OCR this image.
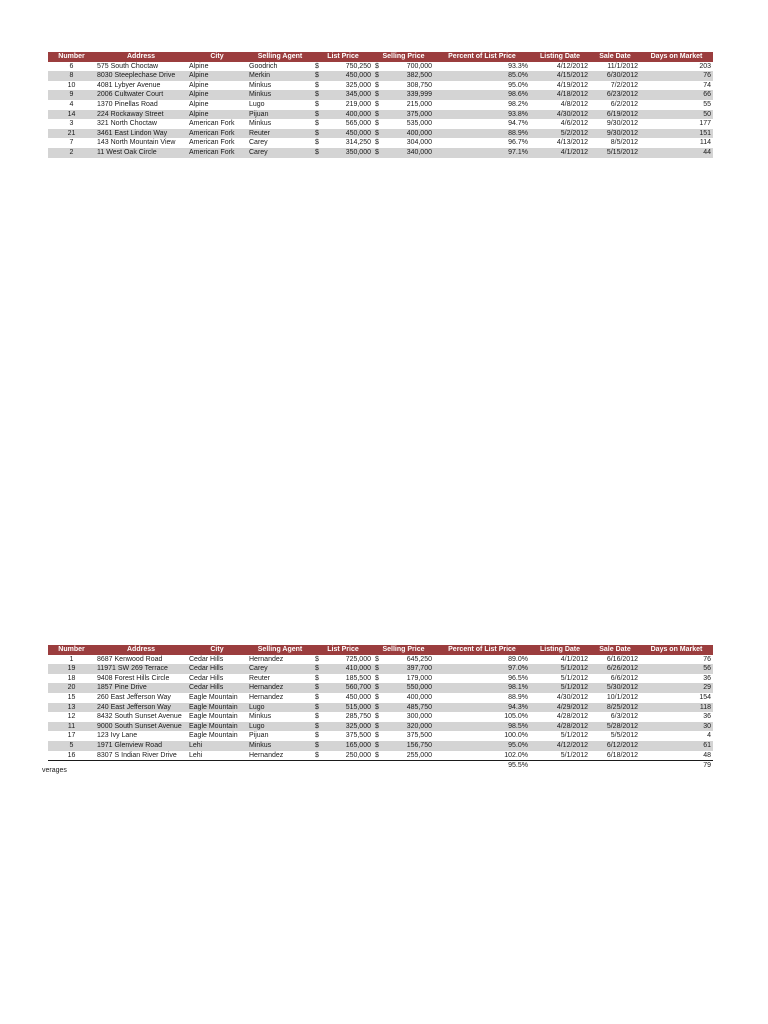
Number	Address	City	Selling Agent	List Price	Selling Price	Percent of List Price	Listing Date	Sale Date	Days on Market
6	575 South Choctaw	Alpine	Goodrich	$ 750,250	$ 700,000	93.3%	4/12/2012	11/1/2012	203
8	8030 Steeplechase Drive	Alpine	Merkin	$ 450,000	$ 382,500	85.0%	4/15/2012	6/30/2012	76
10	4081 Lybyer Avenue	Alpine	Minkus	$ 325,000	$ 308,750	95.0%	4/19/2012	7/2/2012	74
9	2006 Cultwater Court	Alpine	Minkus	$ 345,000	$ 339,999	98.6%	4/18/2012	6/23/2012	66
4	1370 Pinellas Road	Alpine	Lugo	$ 219,000	$ 215,000	98.2%	4/8/2012	6/2/2012	55
14	224 Rockaway Street	Alpine	Pijuan	$ 400,000	$ 375,000	93.8%	4/30/2012	6/19/2012	50
3	321 North Choctaw	American Fork	Minkus	$ 565,000	$ 535,000	94.7%	4/6/2012	9/30/2012	177
21	3461 East Lindon Way	American Fork	Reuter	$ 450,000	$ 400,000	88.9%	5/2/2012	9/30/2012	151
7	143 North Mountain View	American Fork	Carey	$ 314,250	$ 304,000	96.7%	4/13/2012	8/5/2012	114
2	11 West Oak Circle	American Fork	Carey	$ 350,000	$ 340,000	97.1%	4/1/2012	5/15/2012	44
Number	Address	City	Selling Agent	List Price	Selling Price	Percent of List Price	Listing Date	Sale Date	Days on Market
1	8687 Kenwood Road	Cedar Hills	Hernandez	$ 725,000	$ 645,250	89.0%	4/1/2012	6/16/2012	76
19	11971 SW 269 Terrace	Cedar Hills	Carey	$ 410,000	$ 397,700	97.0%	5/1/2012	6/26/2012	56
18	9408 Forest Hills Circle	Cedar Hills	Reuter	$ 185,500	$ 179,000	96.5%	5/1/2012	6/6/2012	36
20	1857 Pine Drive	Cedar Hills	Hernandez	$ 560,700	$ 550,000	98.1%	5/1/2012	5/30/2012	29
15	260 East Jefferson Way	Eagle Mountain	Hernandez	$ 450,000	$ 400,000	88.9%	4/30/2012	10/1/2012	154
13	240 East Jefferson Way	Eagle Mountain	Lugo	$ 515,000	$ 485,750	94.3%	4/29/2012	8/25/2012	118
12	8432 South Sunset Avenue	Eagle Mountain	Minkus	$ 285,750	$ 300,000	105.0%	4/28/2012	6/3/2012	36
11	9000 South Sunset Avenue	Eagle Mountain	Lugo	$ 325,000	$ 320,000	98.5%	4/28/2012	5/28/2012	30
17	123 Ivy Lane	Eagle Mountain	Pijuan	$ 375,500	$ 375,500	100.0%	5/1/2012	5/5/2012	4
5	1971 Glenview Road	Lehi	Minkus	$ 165,000	$ 156,750	95.0%	4/12/2012	6/12/2012	61
16	8307 S Indian River Drive	Lehi	Hernandez	$ 250,000	$ 255,000	102.0%	5/1/2012	6/18/2012	48

verages						95.5%			79
